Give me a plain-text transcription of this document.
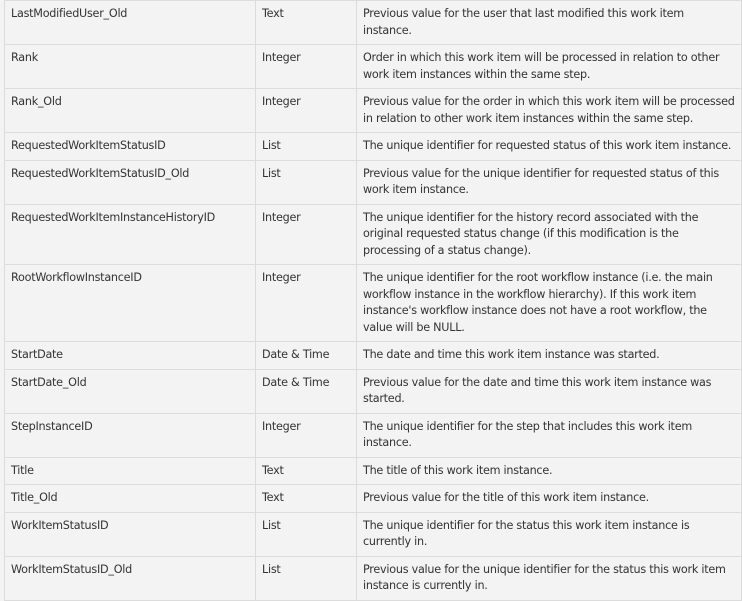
LastModifiedUser_Old	Text	Previous value for the user that last modified this work item instance.
Rank	Integer	Order in which this work item will be processed in relation to other work item instances within the same step.
Rank_Old	Integer	Previous value for the order in which this work item will be processed in relation to other work item instances within the same step.
RequestedWorkItemStatusID	List	The unique identifier for requested status of this work item instance.
RequestedWorkItemStatusID_Old	List	Previous value for the unique identifier for requested status of this work item instance.
RequestedWorkItemInstanceHistoryID	Integer	The unique identifier for the history record associated with the original requested status change (if this modification is the processing of a status change).
RootWorkflowInstanceID	Integer	The unique identifier for the root workflow instance (i.e. the main workflow instance in the workflow hierarchy). If this work item instance's workflow instance does not have a root workflow, the value will be NULL.
StartDate	Date & Time	The date and time this work item instance was started.
StartDate_Old	Date & Time	Previous value for the date and time this work item instance was started.
StepInstanceID	Integer	The unique identifier for the step that includes this work item instance.
Title	Text	The title of this work item instance.
Title_Old	Text	Previous value for the title of this work item instance.
WorkItemStatusID	List	The unique identifier for the status this work item instance is currently in.
WorkItemStatusID_Old	List	Previous value for the unique identifier for the status this work item instance is currently in.
